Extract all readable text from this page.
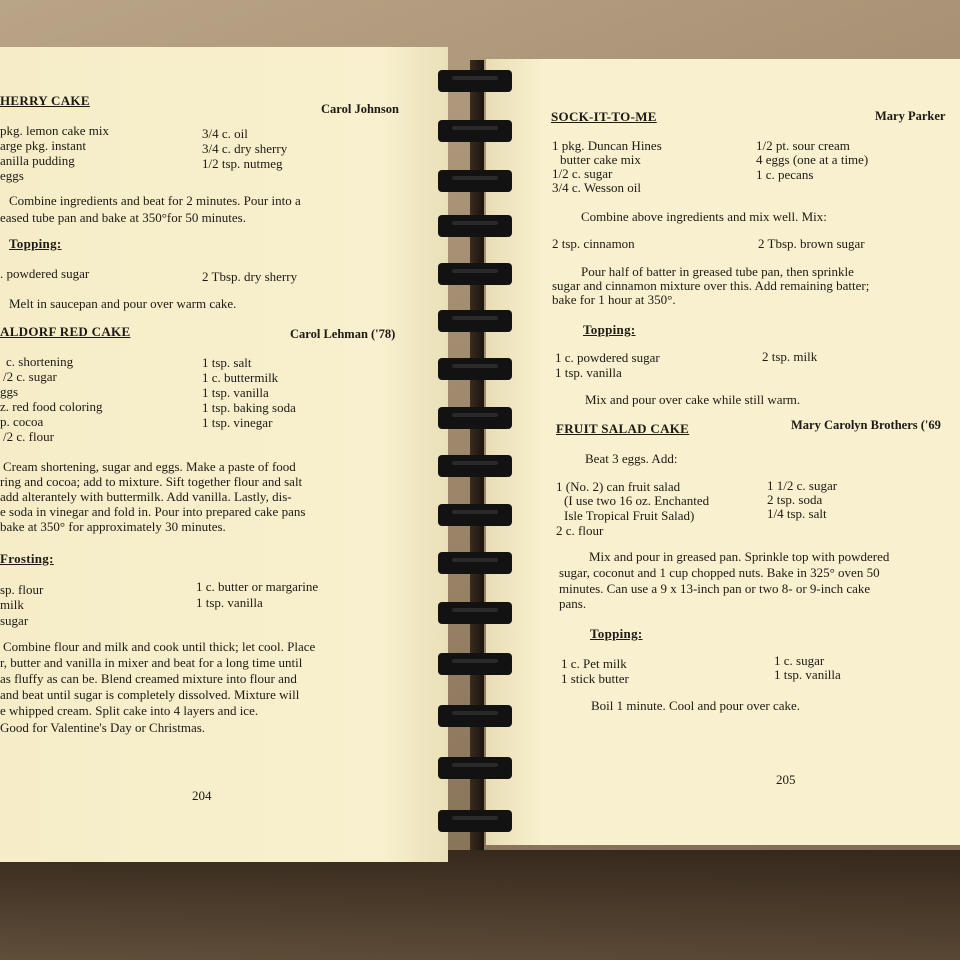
HERRY CAKE
Carol Johnson
pkg. lemon cake mix
arge pkg. instant
anilla pudding
eggs
3/4 c. oil
3/4 c. dry sherry
1/2 tsp. nutmeg
Combine ingredients and beat for 2 minutes. Pour into a
eased tube pan and bake at 350°for 50 minutes.
Topping:
. powdered sugar	2 Tbsp. dry sherry
Melt in saucepan and pour over warm cake.
ALDORF RED CAKE	Carol Lehman ('78)
c. shortening
/2 c. sugar
ggs
z. red food coloring
p. cocoa
/2 c. flour
1 tsp. salt
1 c. buttermilk
1 tsp. vanilla
1 tsp. baking soda
1 tsp. vinegar
Cream shortening, sugar and eggs. Make a paste of food
ring and cocoa; add to mixture. Sift together flour and salt
add alterantely with buttermilk. Add vanilla. Lastly, dis-
e soda in vinegar and fold in. Pour into prepared cake pans
bake at 350° for approximately 30 minutes.
Frosting:
sp. flour
milk
sugar
1 c. butter or margarine
1 tsp. vanilla
Combine flour and milk and cook until thick; let cool. Place
r, butter and vanilla in mixer and beat for a long time until
as fluffy as can be. Blend creamed mixture into flour and
and beat until sugar is completely dissolved. Mixture will
e whipped cream. Split cake into 4 layers and ice.
Good for Valentine's Day or Christmas.
204
SOCK-IT-TO-ME	Mary Parker
1 pkg. Duncan Hines
butter cake mix
1/2 c. sugar
3/4 c. Wesson oil
1/2 pt. sour cream
4 eggs (one at a time)
1 c. pecans
Combine above ingredients and mix well. Mix:
2 tsp. cinnamon	2 Tbsp. brown sugar
Pour half of batter in greased tube pan, then sprinkle
sugar and cinnamon mixture over this. Add remaining batter;
bake for 1 hour at 350°.
Topping:
1 c. powdered sugar
1 tsp. vanilla
2 tsp. milk
Mix and pour over cake while still warm.
FRUIT SALAD CAKE	Mary Carolyn Brothers ('69
Beat 3 eggs. Add:
1 (No. 2) can fruit salad
(I use two 16 oz. Enchanted
Isle Tropical Fruit Salad)
2 c. flour
1 1/2 c. sugar
2 tsp. soda
1/4 tsp. salt
Mix and pour in greased pan. Sprinkle top with powdered
sugar, coconut and 1 cup chopped nuts. Bake in 325° oven 50
minutes. Can use a 9 x 13-inch pan or two 8- or 9-inch cake
pans.
Topping:
1 c. Pet milk
1 stick butter
1 c. sugar
1 tsp. vanilla
Boil 1 minute. Cool and pour over cake.
205
